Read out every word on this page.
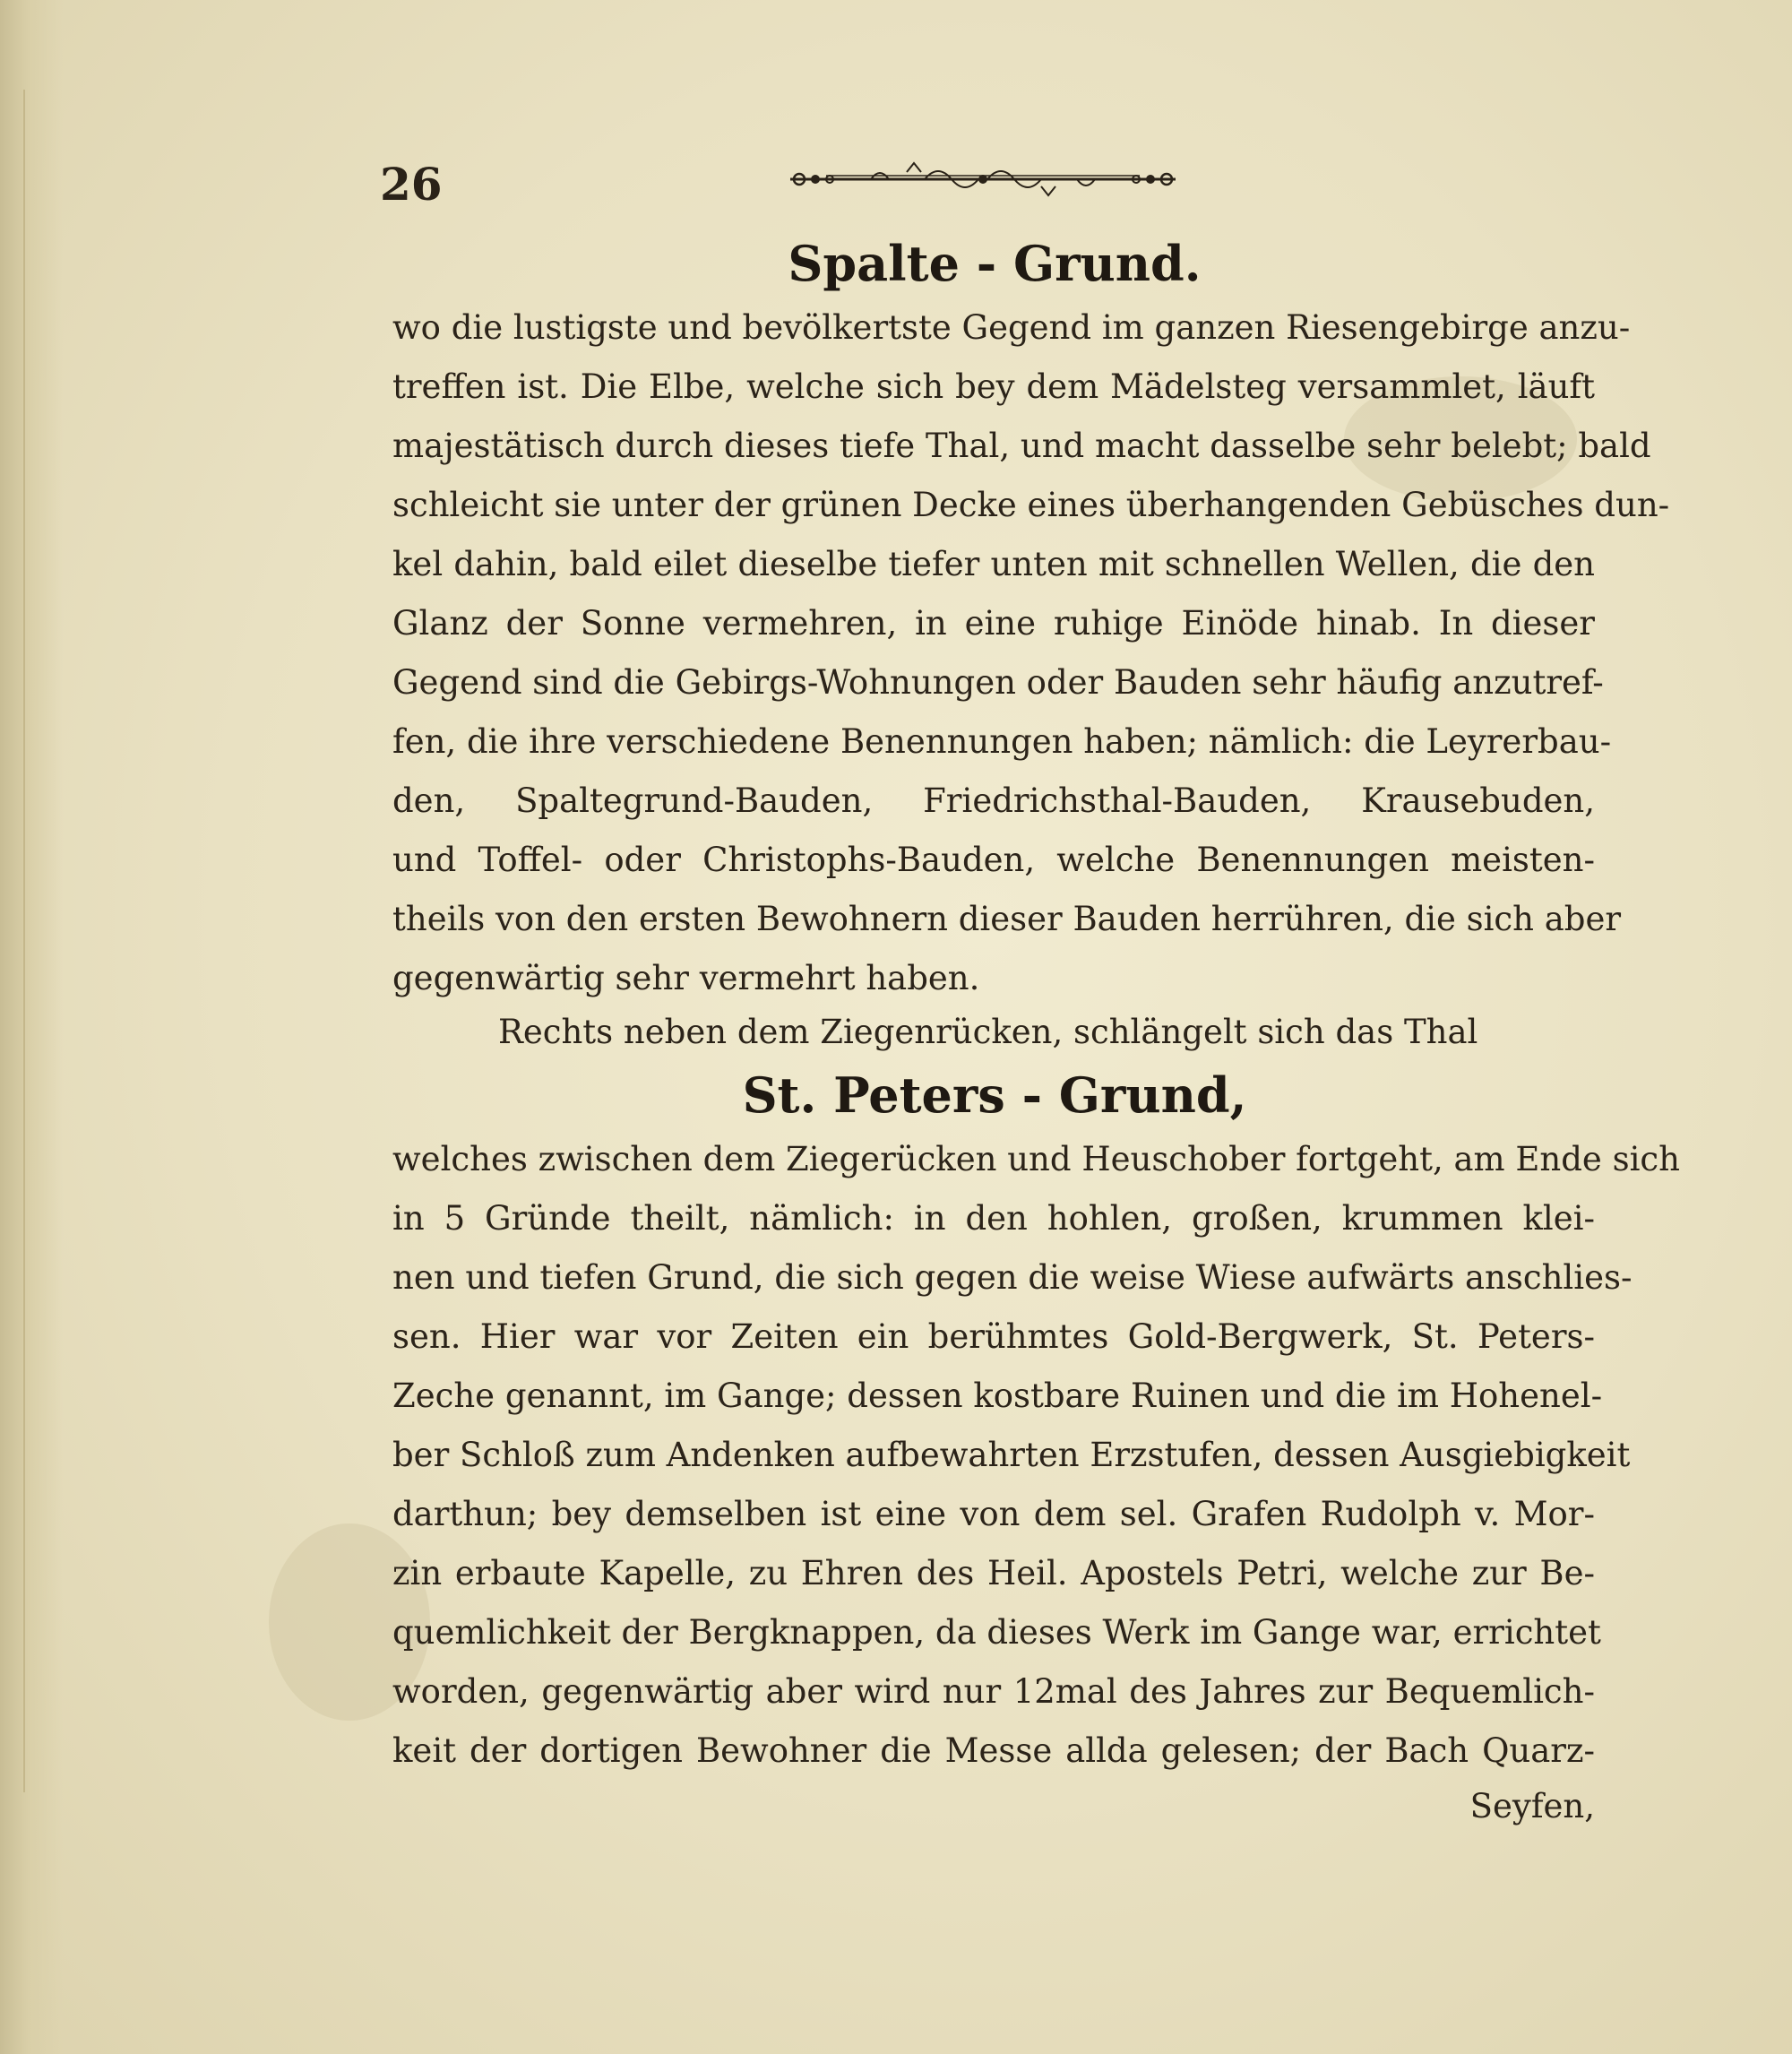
26
Spalte - Grund.
wo die lustigste und bevölkertste Gegend im ganzen Riesengebirge anzu-
treffen ist. Die Elbe, welche sich bey dem Mädelsteg versammlet, läuft
majestätisch durch dieses tiefe Thal, und macht dasselbe sehr belebt; bald
schleicht sie unter der grünen Decke eines überhangenden Gebüsches dun-
kel dahin, bald eilet dieselbe tiefer unten mit schnellen Wellen, die den
Glanz der Sonne vermehren, in eine ruhige Einöde hinab. In dieser
Gegend sind die Gebirgs-Wohnungen oder Bauden sehr häufig anzutref-
fen, die ihre verschiedene Benennungen haben; nämlich: die Leyrerbau-
den, Spaltegrund-Bauden, Friedrichsthal-Bauden, Krausebuden,
und Toffel- oder Christophs-Bauden, welche Benennungen meisten-
theils von den ersten Bewohnern dieser Bauden herrühren, die sich aber
gegenwärtig sehr vermehrt haben.
Rechts neben dem Ziegenrücken, schlängelt sich das Thal
St. Peters - Grund,
welches zwischen dem Ziegerücken und Heuschober fortgeht, am Ende sich
in 5 Gründe theilt, nämlich: in den hohlen, großen, krummen klei-
nen und tiefen Grund, die sich gegen die weise Wiese aufwärts anschlies-
sen. Hier war vor Zeiten ein berühmtes Gold-Bergwerk, St. Peters-
Zeche genannt, im Gange; dessen kostbare Ruinen und die im Hohenel-
ber Schloß zum Andenken aufbewahrten Erzstufen, dessen Ausgiebigkeit
darthun; bey demselben ist eine von dem sel. Grafen Rudolph v. Mor-
zin erbaute Kapelle, zu Ehren des Heil. Apostels Petri, welche zur Be-
quemlichkeit der Bergknappen, da dieses Werk im Gange war, errichtet
worden, gegenwärtig aber wird nur 12mal des Jahres zur Bequemlich-
keit der dortigen Bewohner die Messe allda gelesen; der Bach Quarz-
Seyfen,
